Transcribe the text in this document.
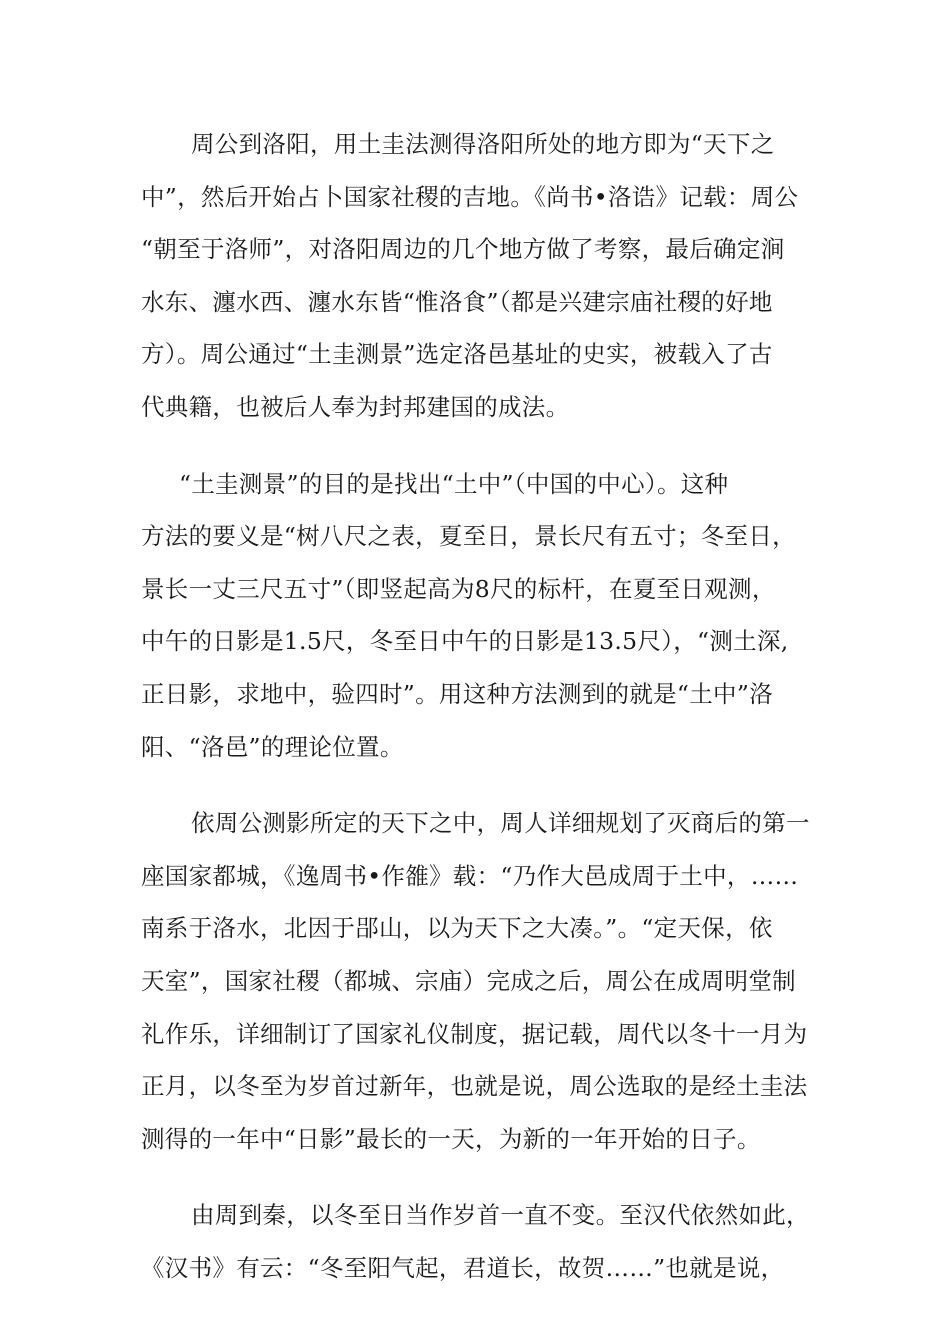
周公到洛阳，用土圭法测得洛阳所处的地方即为“天下之
中”，然后开始占卜国家社稷的吉地。《尚书•洛诰》记载：周公
“朝至于洛师”，对洛阳周边的几个地方做了考察，最后确定涧
水东、瀍水西、瀍水东皆“惟洛食”（都是兴建宗庙社稷的好地
方）。周公通过“土圭测景”选定洛邑基址的史实，被载入了古
代典籍，也被后人奉为封邦建国的成法。
“土圭测景”的目的是找出“土中”（中国的中心）。这种
方法的要义是“树八尺之表，夏至日，景长尺有五寸；冬至日，
景长一丈三尺五寸”（即竖起高为8尺的标杆，在夏至日观测，
中午的日影是1.5尺，冬至日中午的日影是13.5尺），“测土深,
正日影，求地中，验四时”。用这种方法测到的就是“土中”洛
阳、“洛邑”的理论位置。
依周公测影所定的天下之中，周人详细规划了灭商后的第一
座国家都城，《逸周书•作雒》载：“乃作大邑成周于土中，……
南系于洛水，北因于郘山，以为天下之大凑。”。“定天保，依
天室”，国家社稷（都城、宗庙）完成之后，周公在成周明堂制
礼作乐，详细制订了国家礼仪制度，据记载，周代以冬十一月为
正月，以冬至为岁首过新年，也就是说，周公选取的是经土圭法
测得的一年中“日影”最长的一天，为新的一年开始的日子。
由周到秦，以冬至日当作岁首一直不变。至汉代依然如此，
《汉书》有云：“冬至阳气起，君道长，故贺……”也就是说，
